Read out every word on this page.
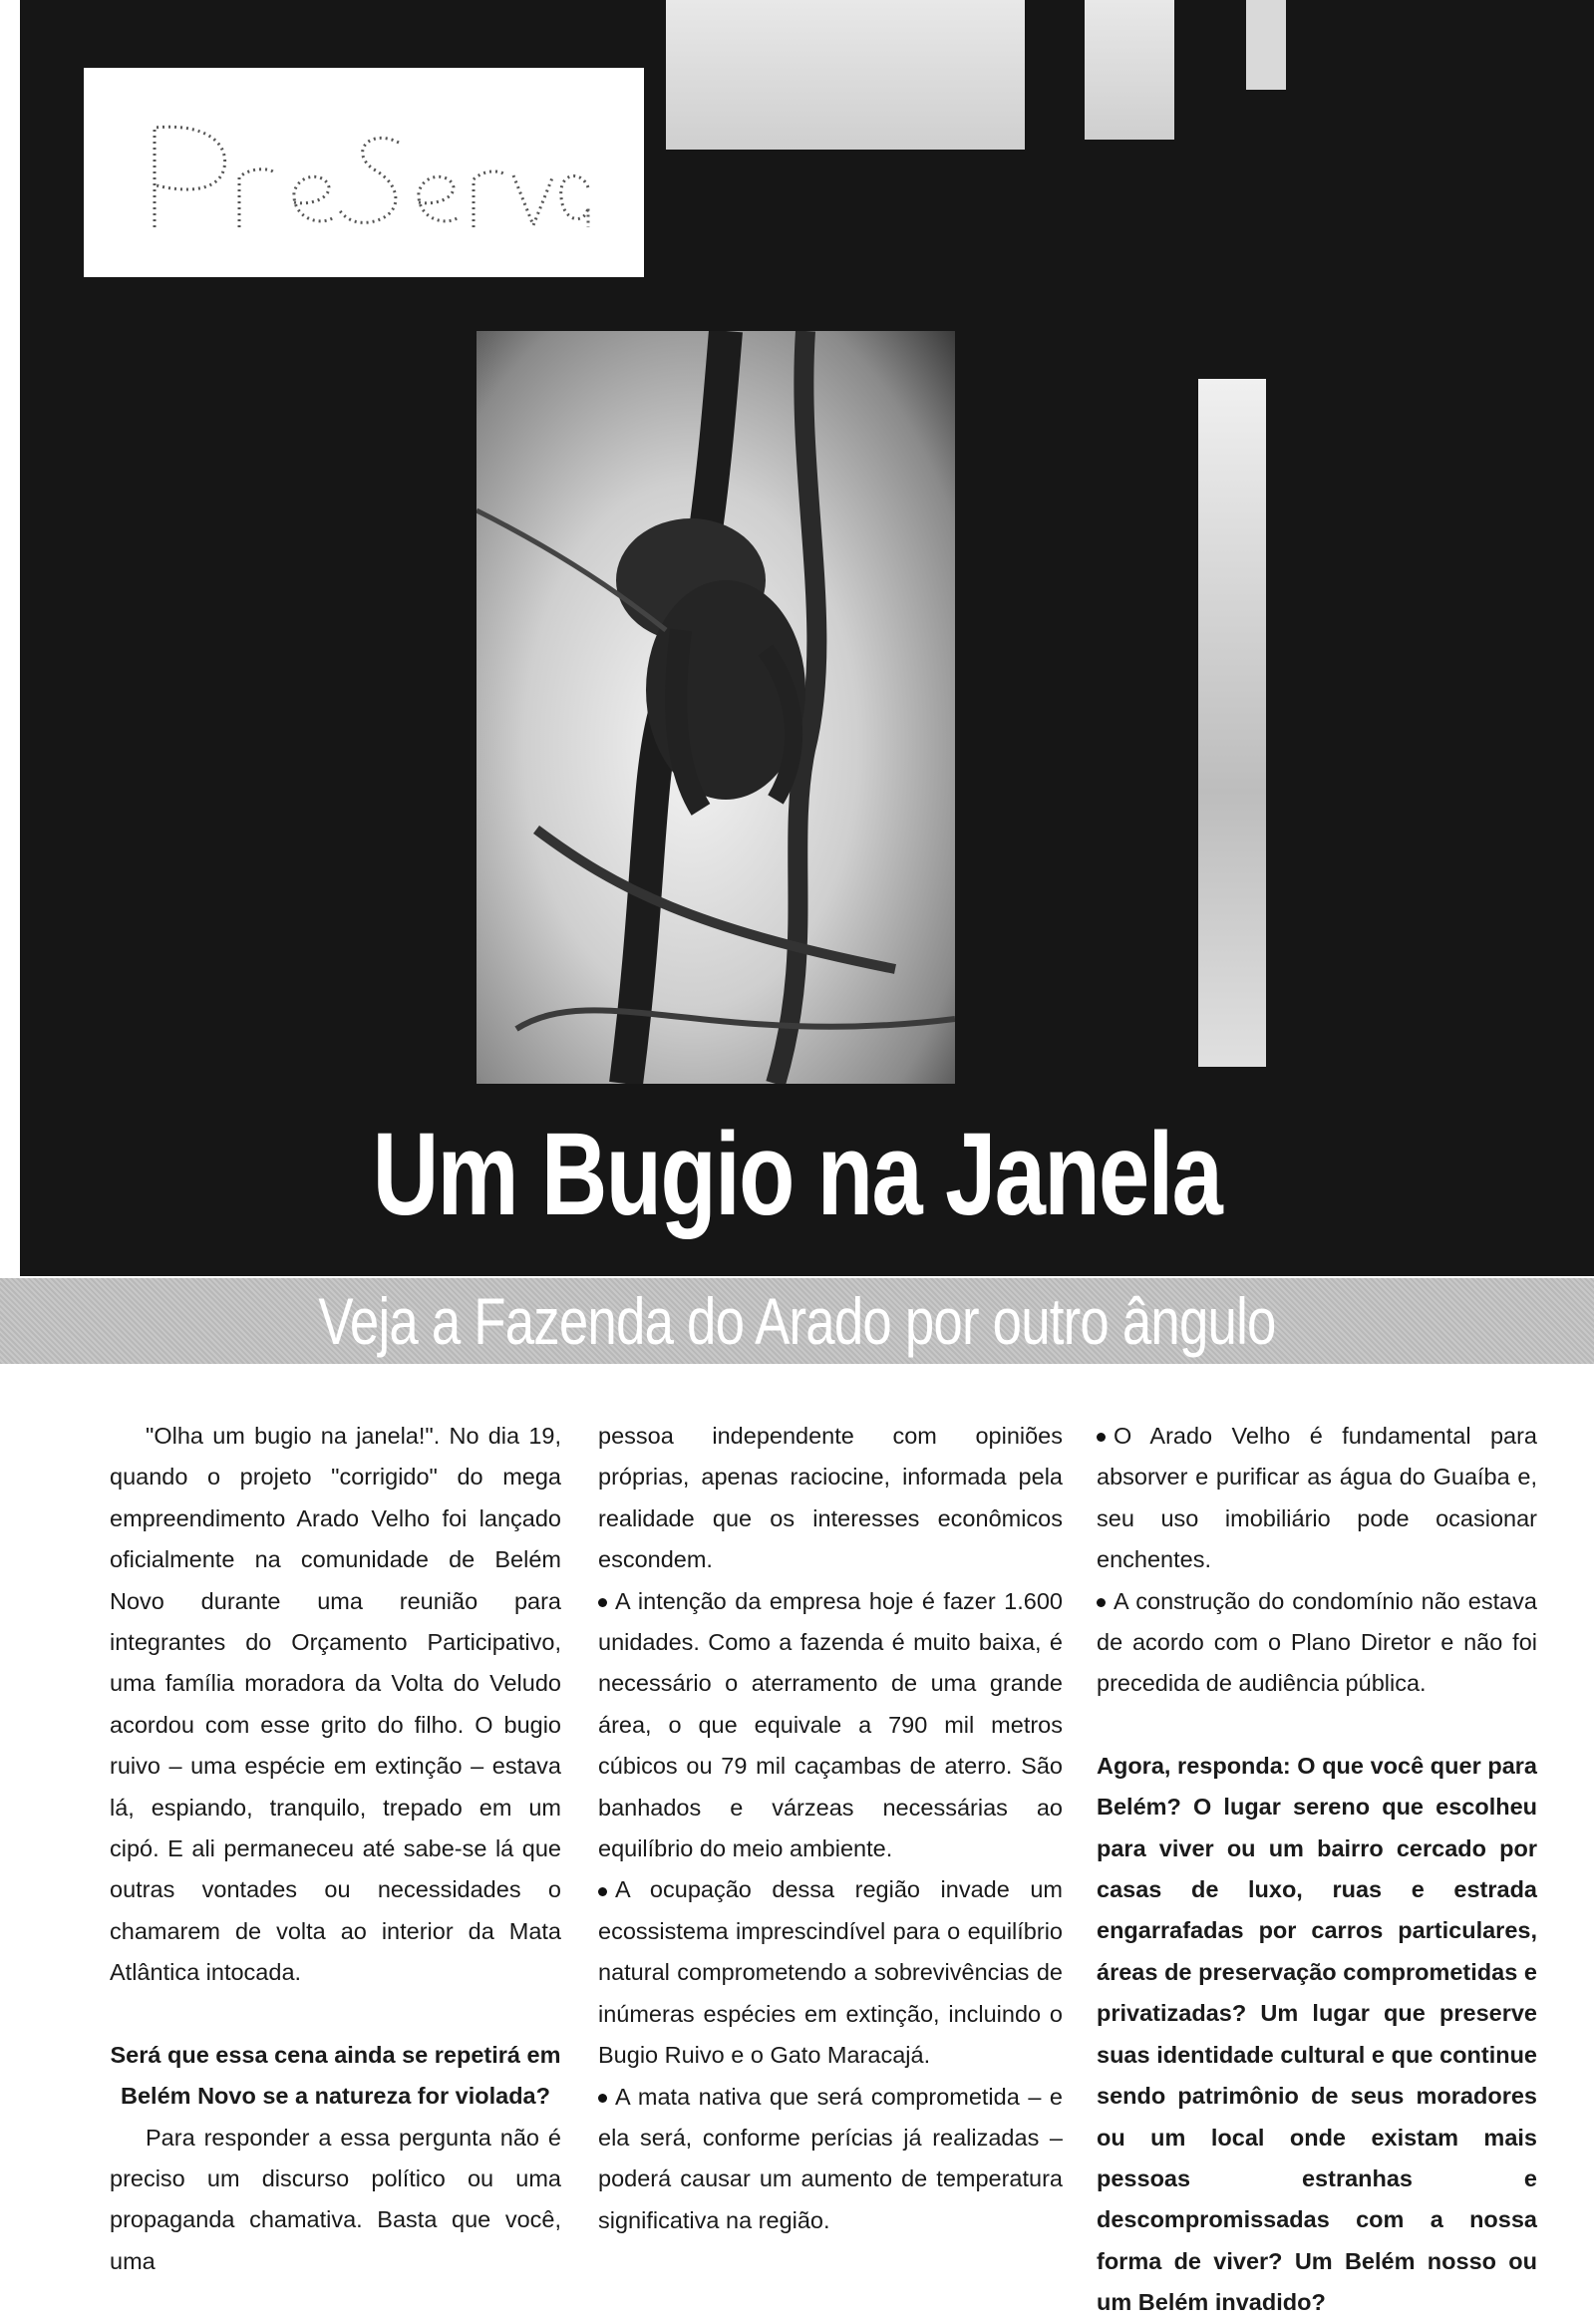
Um Bugio na Janela
Veja a Fazenda do Arado por outro ângulo

"Olha um bugio na janela!". No dia 19, quando o projeto "corrigido" do mega empreendimento Arado Velho foi lançado oficialmente na comunidade de Belém Novo durante uma reunião para integrantes do Orçamento Participativo, uma família moradora da Volta do Veludo acordou com esse grito do filho. O bugio ruivo – uma espécie em extinção – estava lá, espiando, tranquilo, trepado em um cipó. E ali permaneceu até sabe-se lá que outras vontades ou necessidades o chamarem de volta ao interior da Mata Atlântica intocada.

Será que essa cena ainda se repetirá em Belém Novo se a natureza for violada?

Para responder a essa pergunta não é preciso um discurso político ou uma propaganda chamativa. Basta que você, uma

pessoa independente com opiniões próprias, apenas raciocine, informada pela realidade que os interesses econômicos escondem.

A intenção da empresa hoje é fazer 1.600 unidades. Como a fazenda é muito baixa, é necessário o aterramento de uma grande área, o que equivale a 790 mil metros cúbicos ou 79 mil caçambas de aterro. São banhados e várzeas necessárias ao equilíbrio do meio ambiente.

A ocupação dessa região invade um ecossistema imprescindível para o equilíbrio natural comprometendo a sobrevivências de inúmeras espécies em extinção, incluindo o Bugio Ruivo e o Gato Maracajá.

A mata nativa que será comprometida – e ela será, conforme perícias já realizadas – poderá causar um aumento de temperatura significativa na região.

O Arado Velho é fundamental para absorver e purificar as água do Guaíba e, seu uso imobiliário pode ocasionar enchentes.

A construção do condomínio não estava de acordo com o Plano Diretor e não foi precedida de audiência pública.

Agora, responda: O que você quer para Belém? O lugar sereno que escolheu para viver ou um bairro cercado por casas de luxo, ruas e estrada engarrafadas por carros particulares, áreas de preservação comprometidas e privatizadas? Um lugar que preserve suas identidade cultural e que continue sendo patrimônio de seus moradores ou um local onde existam mais pessoas estranhas e descompromissadas com a nossa forma de viver? Um Belém nosso ou um Belém invadido?
